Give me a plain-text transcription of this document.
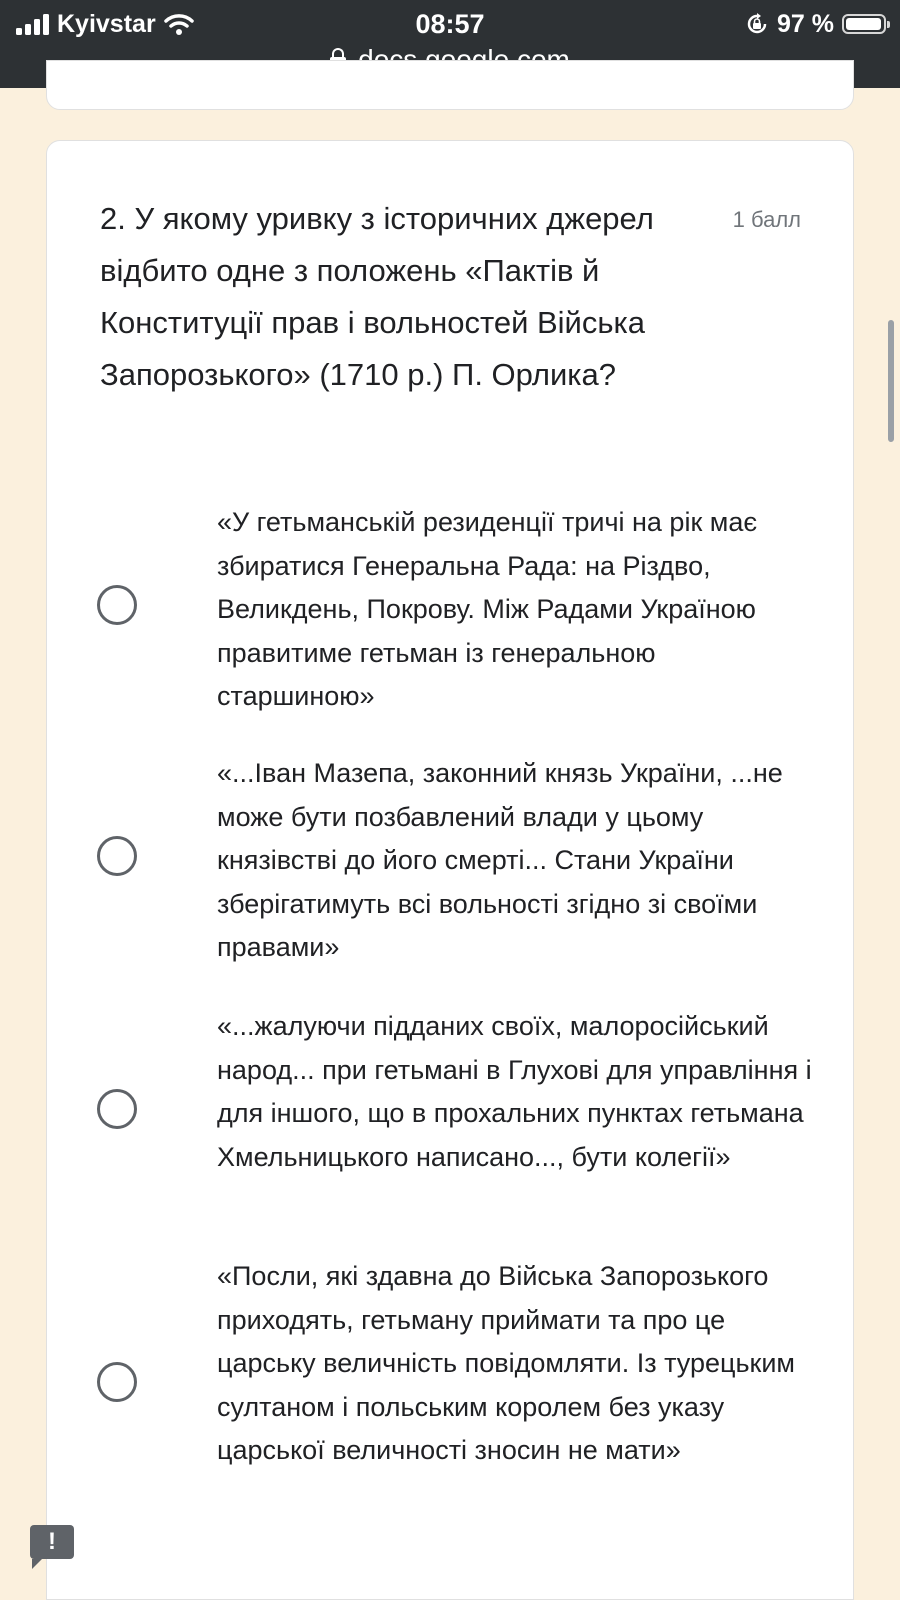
Kyivstar	08:57	97 %
2. У якому уривку з історичних джерел відбито одне з положень «Пактів й Конституції прав і вольностей Війська Запорозького» (1710 р.) П. Орлика?
1 балл
«У гетьманській резиденції тричі на рік має збиратися Генеральна Рада: на Різдво, Великдень, Покрову. Між Радами Україною правитиме гетьман із генеральною старшиною»
«...Іван Мазепа, законний князь України, ...не може бути позбавлений влади у цьому князівстві до його смерті... Стани України зберігатимуть всі вольності згідно зі своїми правами»
«...жалуючи підданих своїх, малоросійський народ... при гетьмані в Глухові для управління і для іншого, що в прохальних пунктах гетьмана Хмельницького написано..., бути колегії»
«Посли, які здавна до Війська Запорозького приходять, гетьману приймати та про це царську величність повідомляти. Із турецьким султаном і польським королем без указу царської величності зносин не мати»
!
